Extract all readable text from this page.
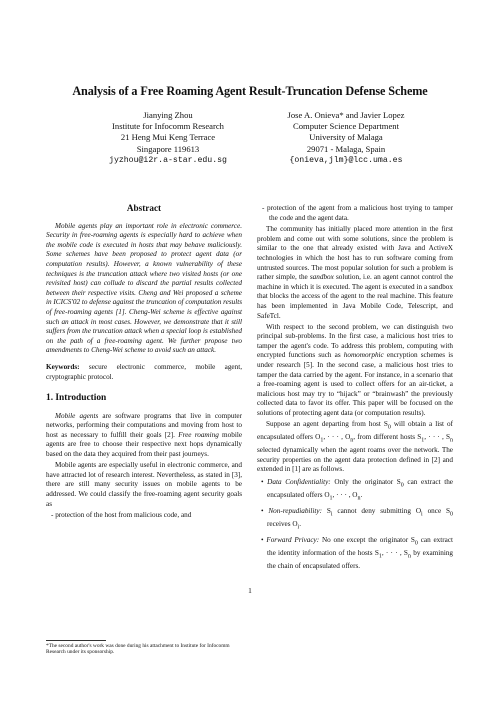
Analysis of a Free Roaming Agent Result-Truncation Defense Scheme
Jianying Zhou
Institute for Infocomm Research
21 Heng Mui Keng Terrace
Singapore 119613
jyzhou@i2r.a-star.edu.sg
Jose A. Onieva* and Javier Lopez
Computer Science Department
University of Malaga
29071 - Malaga, Spain
{onieva,jlm}@lcc.uma.es
Abstract

Mobile agents play an important role in electronic commerce. Security in free-roaming agents is especially hard to achieve when the mobile code is executed in hosts that may behave maliciously. Some schemes have been proposed to protect agent data (or computation results). However, a known vulnerability of these techniques is the truncation attack where two visited hosts (or one revisited host) can collude to discard the partial results collected between their respective visits. Cheng and Wei proposed a scheme in ICICS'02 to defense against the truncation of computation results of free-roaming agents [1]. Cheng-Wei scheme is effective against such an attack in most cases. However, we demonstrate that it still suffers from the truncation attack when a special loop is established on the path of a free-roaming agent. We further propose two amendments to Cheng-Wei scheme to avoid such an attack.

Keywords: secure electronic commerce, mobile agent, cryptographic protocol.

1. Introduction

Mobile agents are software programs that live in computer networks, performing their computations and moving from host to host as necessary to fulfill their goals [2]. Free roaming mobile agents are free to choose their respective next hops dynamically based on the data they acquired from their past journeys.

Mobile agents are especially useful in electronic commerce, and have attracted lot of research interest. Nevertheless, as stated in [3], there are still many security issues on mobile agents to be addressed. We could classify the free-roaming agent security goals as

- protection of the host from malicious code, and

- protection of the agent from a malicious host trying to tamper the code and the agent data.

The community has initially placed more attention in the first problem and come out with some solutions, since the problem is similar to the one that already existed with Java and ActiveX technologies in which the host has to run software coming from untrusted sources. The most popular solution for such a problem is rather simple, the sandbox solution, i.e. an agent cannot control the machine in which it is executed. The agent is executed in a sandbox that blocks the access of the agent to the real machine. This feature has been implemented in Java Mobile Code, Telescript, and SafeTcl.

With respect to the second problem, we can distinguish two principal sub-problems. In the first case, a malicious host tries to tamper the agent's code. To address this problem, computing with encrypted functions such as homomorphic encryption schemes is under research [5]. In the second case, a malicious host tries to tamper the data carried by the agent. For instance, in a scenario that a free-roaming agent is used to collect offers for an air-ticket, a malicious host may try to “hijack” or “brainwash” the previously collected data to favor its offer. This paper will be focused on the solutions of protecting agent data (or computation results).

Suppose an agent departing from host $S_0$ will obtain a list of encapsulated offers $O_1$, · · · , $O_n$, from different hosts $S_1$, · · · , $S_n$ selected dynamically when the agent roams over the network. The security properties on the agent data protection defined in [2] and extended in [1] are as follows.

• Data Confidentiality: Only the originator $S_0$ can extract the encapsulated offers $O_1$, · · · , $O_n$.

• Non-repudiability: $S_i$ cannot deny submitting $O_i$ once $S_0$ receives $O_i$.

• Forward Privacy: No one except the originator $S_0$ can extract the identity information of the hosts $S_1$, · · · , $S_n$ by examining the chain of encapsulated offers.

*The second author's work was done during his attachment to Institute for Infocomm Research under its sponsorship.
1
